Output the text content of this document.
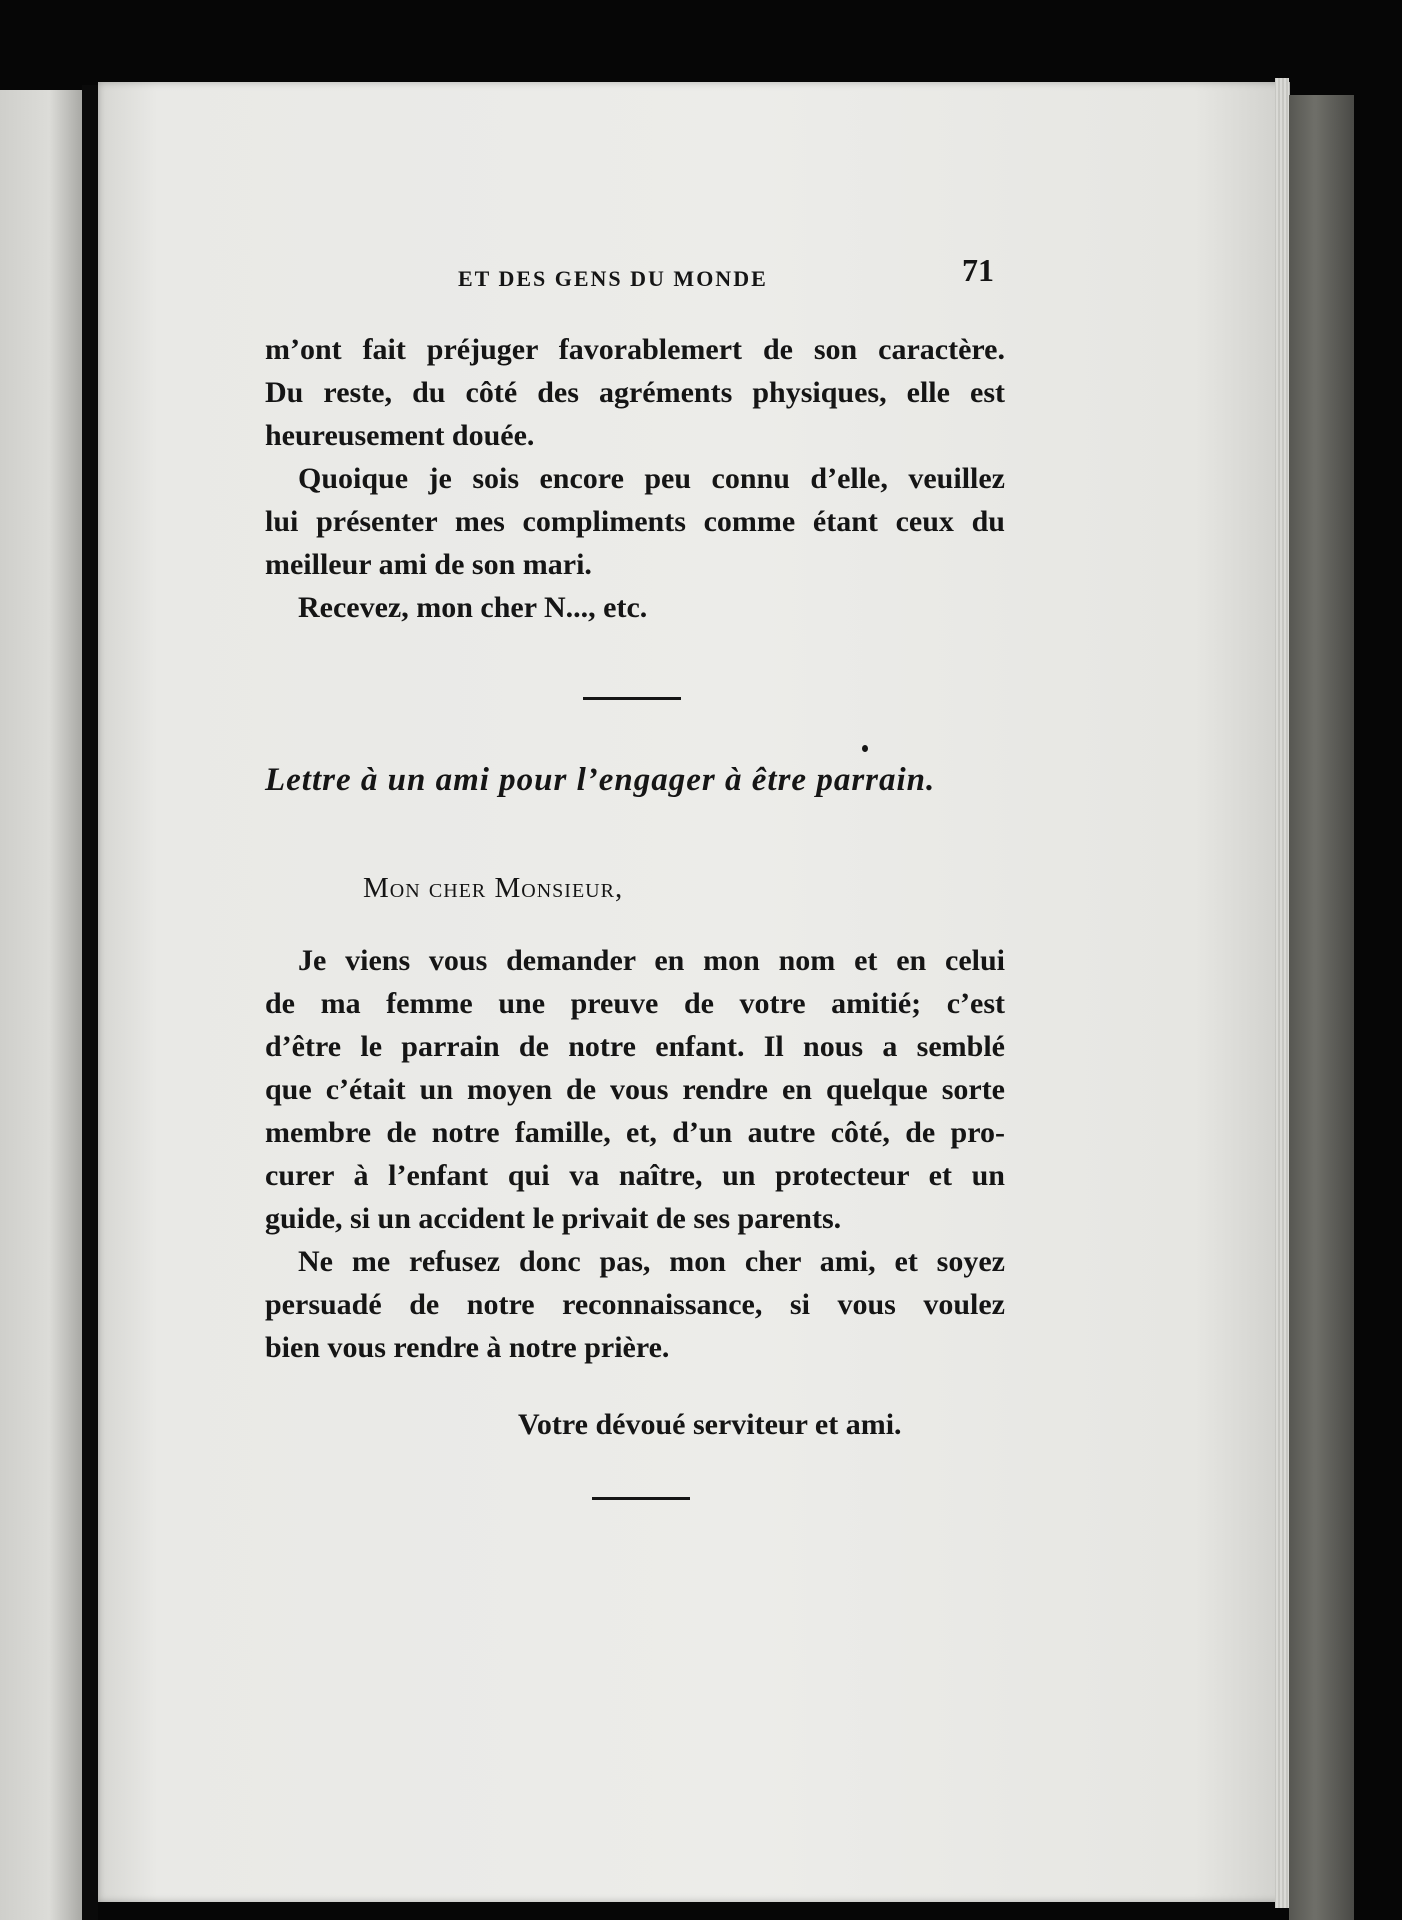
ET DES GENS DU MONDE	71
m’ont fait préjuger favorablemert de son caractère.
Du reste, du côté des agréments physiques, elle est
heureusement douée.
Quoique je sois encore peu connu d’elle, veuillez
lui présenter mes compliments comme étant ceux du
meilleur ami de son mari.
Recevez, mon cher N..., etc.
Lettre à un ami pour l’engager à être parrain.
Mon cher Monsieur,
Je viens vous demander en mon nom et en celui
de ma femme une preuve de votre amitié; c’est
d’être le parrain de notre enfant. Il nous a semblé
que c’était un moyen de vous rendre en quelque sorte
membre de notre famille, et, d’un autre côté, de pro-
curer à l’enfant qui va naître, un protecteur et un
guide, si un accident le privait de ses parents.
Ne me refusez donc pas, mon cher ami, et soyez
persuadé de notre reconnaissance, si vous voulez
bien vous rendre à notre prière.
Votre dévoué serviteur et ami.
